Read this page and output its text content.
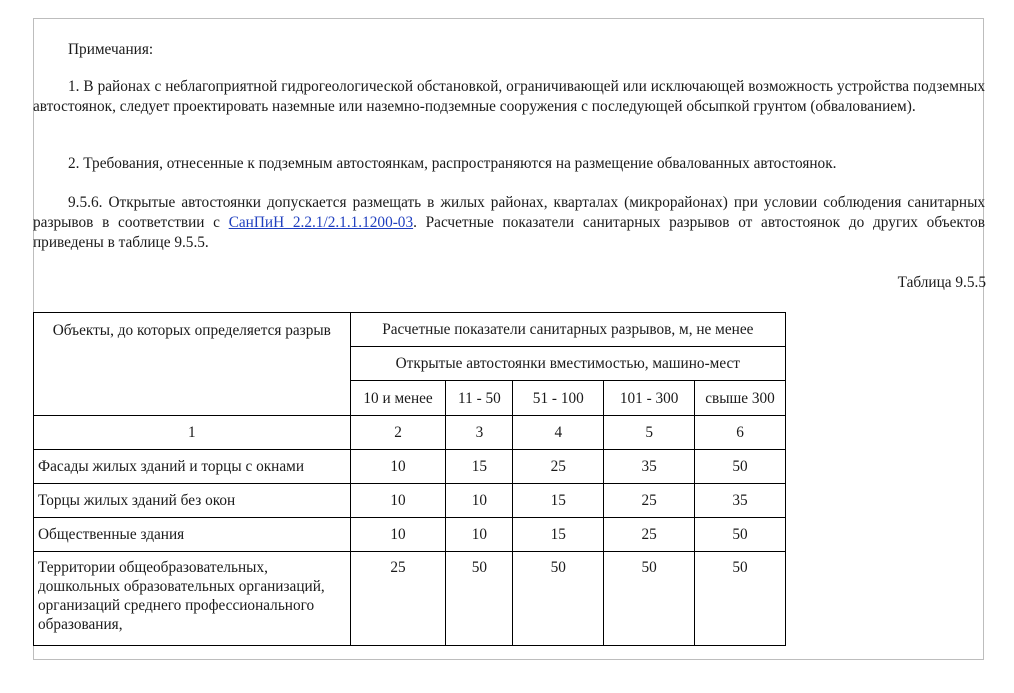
Примечания:

1. В районах с неблагоприятной гидрогеологической обстановкой, ограничивающей или исключающей возможность устройства подземных автостоянок, следует проектировать наземные или наземно-подземные сооружения с последующей обсыпкой грунтом (обвалованием).

2. Требования, отнесенные к подземным автостоянкам, распространяются на размещение обвалованных автостоянок.

9.5.6. Открытые автостоянки допускается размещать в жилых районах, кварталах (микрорайонах) при условии соблюдения санитарных разрывов в соответствии с СанПиН 2.2.1/2.1.1.1200-03. Расчетные показатели санитарных разрывов от автостоянок до других объектов приведены в таблице 9.5.5.

Таблица 9.5.5
Объекты, до которых определяется разрыв	Расчетные показатели санитарных разрывов, м, не менее				
	Открытые автостоянки вместимостью, машино-мест				
	10 и менее	11 - 50	51 - 100	101 - 300	свыше 300
1	2	3	4	5	6
Фасады жилых зданий и торцы с окнами	10	15	25	35	50
Торцы жилых зданий без окон	10	10	15	25	35
Общественные здания	10	10	15	25	50
Территории общеобразовательных, дошкольных образовательных организаций, организаций среднего профессионального образования,	25	50	50	50	50
